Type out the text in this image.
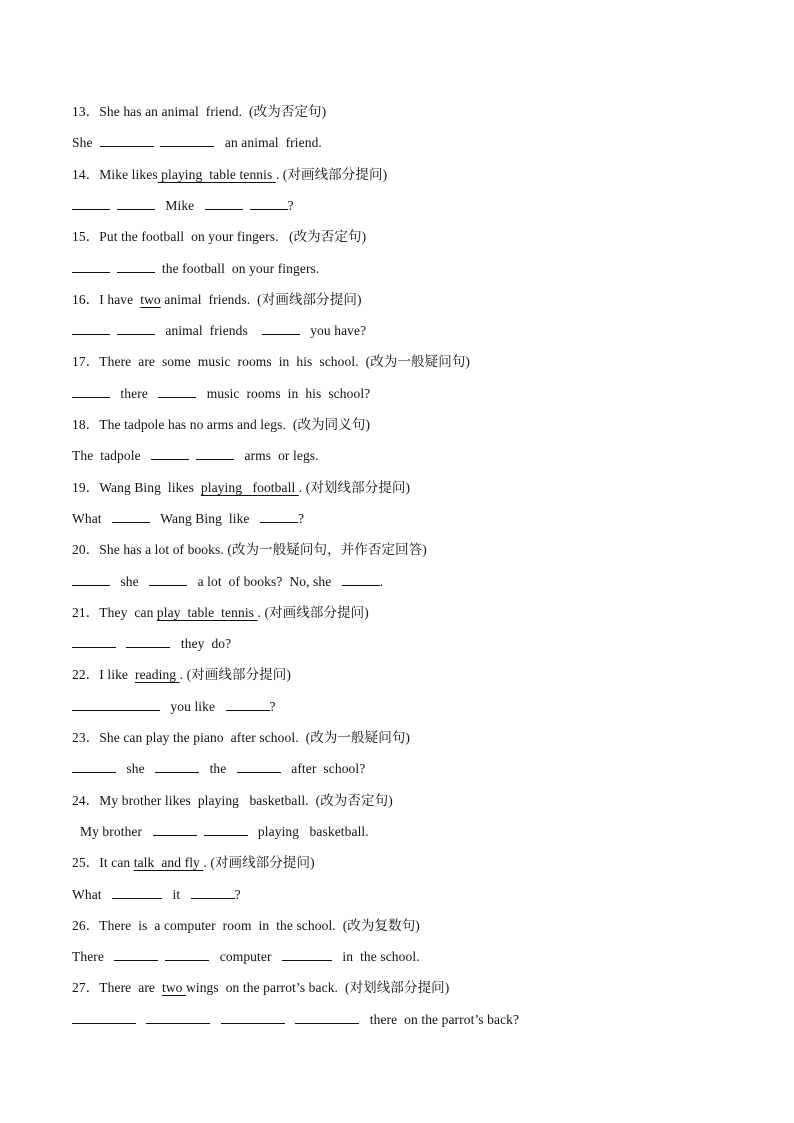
13．She has an animal  friend.  (改为否定句)
She	an animal  friend.
14．Mike likes playing  table tennis . (对画线部分提问)
Mike	?
15．Put the football  on your fingers.   (改为否定句)
the football  on your fingers.
16．I have  two animal  friends.  (对画线部分提问)
animal  friends	you have?
17．There  are  some  music  rooms  in  his  school.  (改为一般疑问句)
there	music  rooms  in  his  school?
18．The tadpole has no arms and legs.  (改为同义句)
The  tadpole	arms  or legs.
19．Wang Bing  likes  playing   football . (对划线部分提问)
What	Wang Bing  like	?
20．She has a lot of books. (改为一般疑问句，并作否定回答)
she	a lot  of books?  No, she	.
21．They  can play  table  tennis . (对画线部分提问)
they  do?
22．I like  reading . (对画线部分提问)
you like	?
23．She can play the piano  after school.  (改为一般疑问句)
she	the	after  school?
24．My brother likes  playing   basketball.  (改为否定句)
My brother	playing   basketball.
25．It can talk  and fly . (对画线部分提问)
What	it	?
26．There  is  a computer  room  in  the school.  (改为复数句)
There	computer	in  the school.
27．There  are  two wings  on the parrot’s back.  (对划线部分提问)
there  on the parrot’s back?
